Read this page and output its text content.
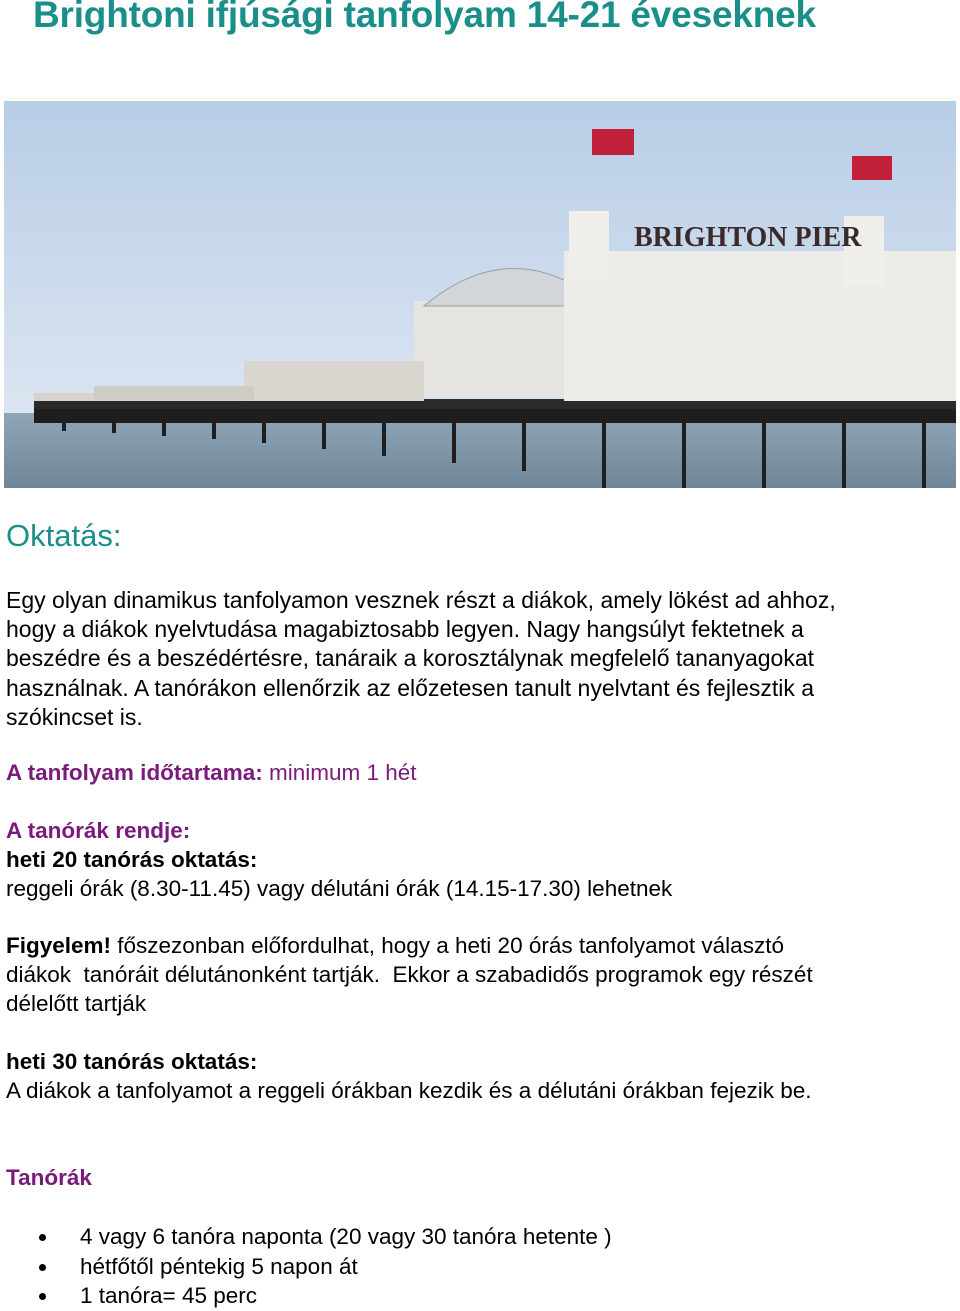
Brightoni ifjúsági tanfolyam 14-21 éveseknek
BRIGHTON PIER
Oktatás:
Egy olyan dinamikus tanfolyamon vesznek részt a diákok, amely lökést ad ahhoz,
hogy a diákok nyelvtudása magabiztosabb legyen. Nagy hangsúlyt fektetnek a
beszédre és a beszédértésre, tanáraik a korosztálynak megfelelő tananyagokat
használnak. A tanórákon ellenőrzik az előzetesen tanult nyelvtant és fejlesztik a
szókincset is.
A tanfolyam időtartama: minimum 1 hét
A tanórák rendje:
heti 20 tanórás oktatás:
reggeli órák (8.30-11.45) vagy délutáni órák (14.15-17.30) lehetnek
Figyelem! főszezonban előfordulhat, hogy a heti 20 órás tanfolyamot választó
diákok  tanóráit délutánonként tartják.  Ekkor a szabadidős programok egy részét
délelőtt tartják
heti 30 tanórás oktatás:
A diákok a tanfolyamot a reggeli órákban kezdik és a délutáni órákban fejezik be.
Tanórák
4 vagy 6 tanóra naponta (20 vagy 30 tanóra hetente )
hétfőtől péntekig 5 napon át
1 tanóra= 45 perc
